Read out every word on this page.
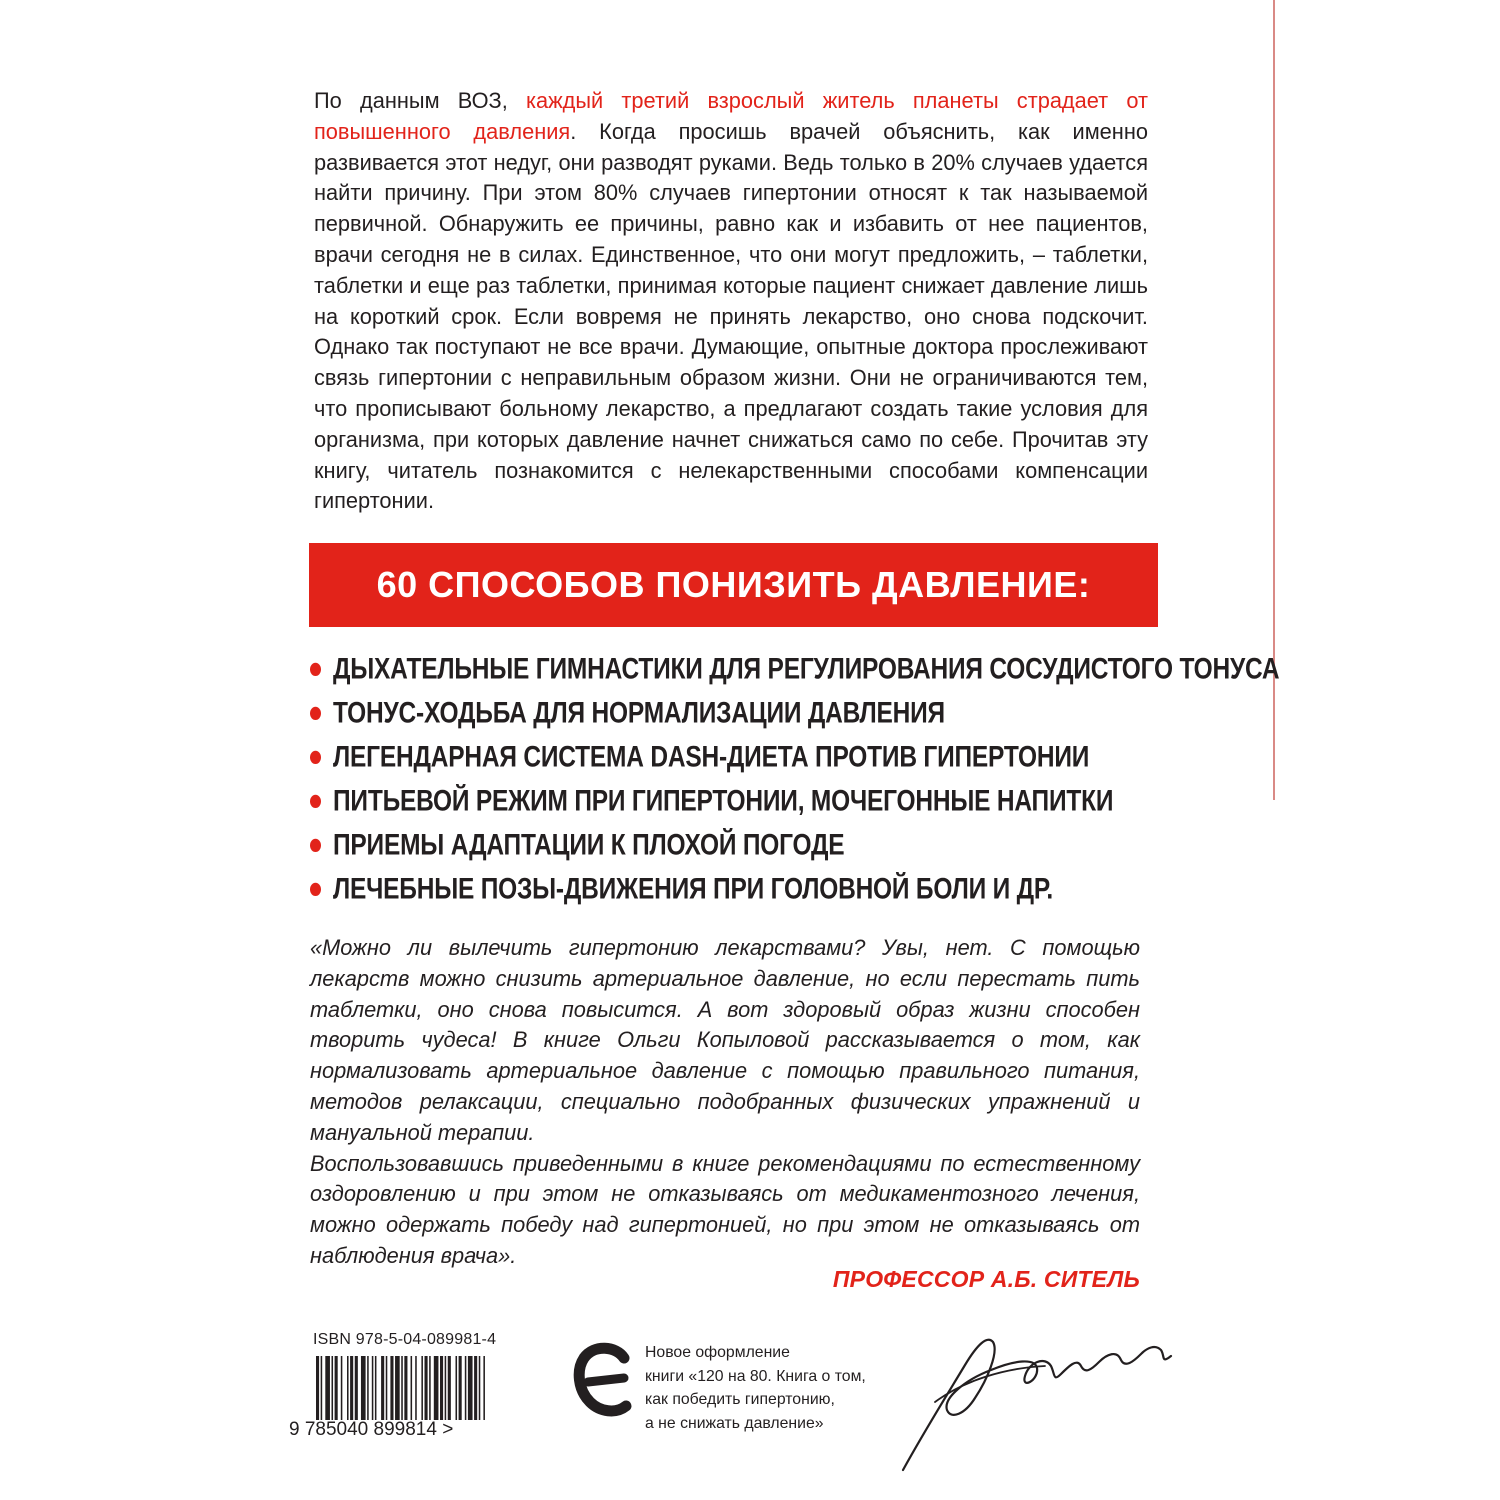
По данным ВОЗ, каждый третий взрослый житель планеты страдает от повышенного давления. Когда просишь врачей объяснить, как именно развивается этот недуг, они разводят руками. Ведь только в 20% случаев удается найти причину. При этом 80% случаев гипертонии относят к так называемой первичной. Обнаружить ее причины, равно как и избавить от нее пациентов, врачи сегодня не в силах. Единственное, что они могут предложить, – таблетки, таблетки и еще раз таблетки, принимая которые пациент снижает давление лишь на короткий срок. Если вовремя не принять лекарство, оно снова подскочит. Однако так поступают не все врачи. Думающие, опытные доктора прослеживают связь гипертонии с неправильным образом жизни. Они не ограничиваются тем, что прописывают больному лекарство, а предлагают создать такие условия для организма, при которых давление начнет снижаться само по себе. Прочитав эту книгу, читатель познакомится с нелекарственными способами компенсации гипертонии.

60 СПОСОБОВ ПОНИЗИТЬ ДАВЛЕНИЕ:
ДЫХАТЕЛЬНЫЕ ГИМНАСТИКИ ДЛЯ РЕГУЛИРОВАНИЯ СОСУДИСТОГО ТОНУСА
ТОНУС-ХОДЬБА ДЛЯ НОРМАЛИЗАЦИИ ДАВЛЕНИЯ
ЛЕГЕНДАРНАЯ СИСТЕМА DASH-ДИЕТА ПРОТИВ ГИПЕРТОНИИ
ПИТЬЕВОЙ РЕЖИМ ПРИ ГИПЕРТОНИИ, МОЧЕГОННЫЕ НАПИТКИ
ПРИЕМЫ АДАПТАЦИИ К ПЛОХОЙ ПОГОДЕ
ЛЕЧЕБНЫЕ ПОЗЫ-ДВИЖЕНИЯ ПРИ ГОЛОВНОЙ БОЛИ И ДР.

«Можно ли вылечить гипертонию лекарствами? Увы, нет. С помощью лекарств можно снизить артериальное давление, но если перестать пить таблетки, оно снова повысится. А вот здоровый образ жизни способен творить чудеса! В книге Ольги Копыловой рассказывается о том, как нормализовать артериальное давление с помощью правильного питания, методов релаксации, специально подобранных физических упражнений и мануальной терапии.

Воспользовавшись приведенными в книге рекомендациями по естественному оздоровлению и при этом не отказываясь от медикаментозного лечения, можно одержать победу над гипертонией, но при этом не отказываясь от наблюдения врача».

ПРОФЕССОР А.Б. СИТЕЛЬ
ISBN 978-5-04-089981-4
9 785040 899814 >

Новое оформление
книги «120 на 80. Книга о том,
как победить гипертонию,
а не снижать давление»
